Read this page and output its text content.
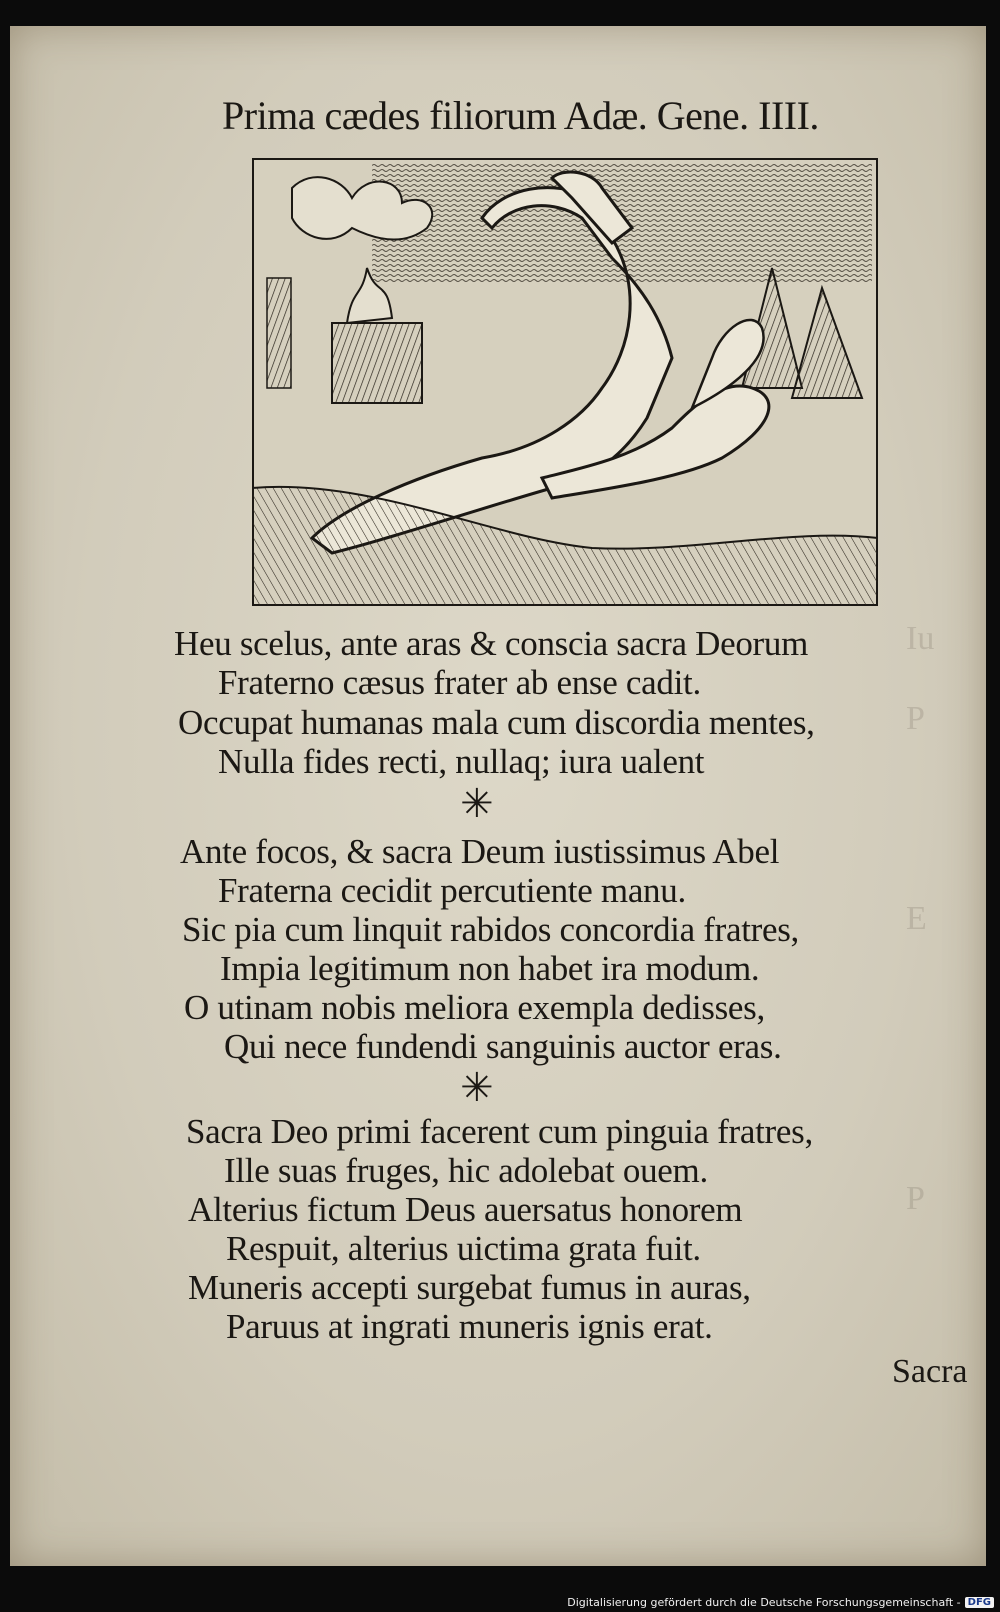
Iu
P
E
P
Prima cædes filiorum Adæ. Gene. IIII.
Heu scelus, ante aras & conscia sacra Deorum
Fraterno cæsus frater ab ense cadit.
Occupat humanas mala cum discordia mentes,
Nulla fides recti, nullaq; iura ualent
✳
Ante focos, & sacra Deum iustissimus Abel
Fraterna cecidit percutiente manu.
Sic pia cum linquit rabidos concordia fratres,
Impia legitimum non habet ira modum.
O utinam nobis meliora exempla dedisses,
Qui nece fundendi sanguinis auctor eras.
✳
Sacra Deo primi facerent cum pinguia fratres,
Ille suas fruges, hic adolebat ouem.
Alterius fictum Deus auersatus honorem
Respuit, alterius uictima grata fuit.
Muneris accepti surgebat fumus in auras,
Paruus at ingrati muneris ignis erat.
Sacra
Digitalisierung gefördert durch die Deutsche Forschungsgemeinschaft - DFG
